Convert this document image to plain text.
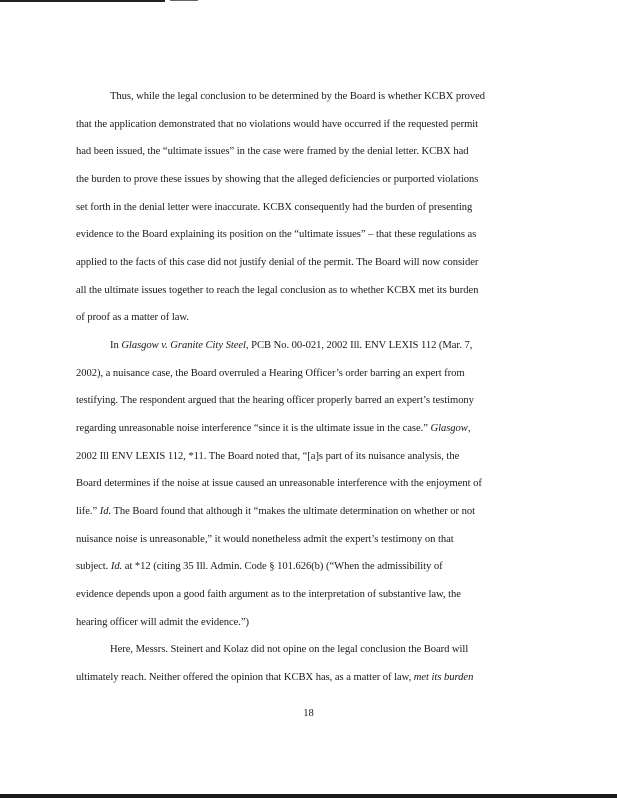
Thus, while the legal conclusion to be determined by the Board is whether KCBX proved
that the application demonstrated that no violations would have occurred if the requested permit
had been issued, the “ultimate issues” in the case were framed by the denial letter. KCBX had
the burden to prove these issues by showing that the alleged deficiencies or purported violations
set forth in the denial letter were inaccurate. KCBX consequently had the burden of presenting
evidence to the Board explaining its position on the “ultimate issues” – that these regulations as
applied to the facts of this case did not justify denial of the permit. The Board will now consider
all the ultimate issues together to reach the legal conclusion as to whether KCBX met its burden
of proof as a matter of law.
In Glasgow v. Granite City Steel, PCB No. 00-021, 2002 Ill. ENV LEXIS 112 (Mar. 7,
2002), a nuisance case, the Board overruled a Hearing Officer’s order barring an expert from
testifying. The respondent argued that the hearing officer properly barred an expert’s testimony
regarding unreasonable noise interference “since it is the ultimate issue in the case.” Glasgow,
2002 Ill ENV LEXIS 112, *11. The Board noted that, “[a]s part of its nuisance analysis, the
Board determines if the noise at issue caused an unreasonable interference with the enjoyment of
life.” Id. The Board found that although it “makes the ultimate determination on whether or not
nuisance noise is unreasonable,” it would nonetheless admit the expert’s testimony on that
subject. Id. at *12 (citing 35 Ill. Admin. Code § 101.626(b) (“When the admissibility of
evidence depends upon a good faith argument as to the interpretation of substantive law, the
hearing officer will admit the evidence.”)
Here, Messrs. Steinert and Kolaz did not opine on the legal conclusion the Board will
ultimately reach. Neither offered the opinion that KCBX has, as a matter of law, met its burden
18
